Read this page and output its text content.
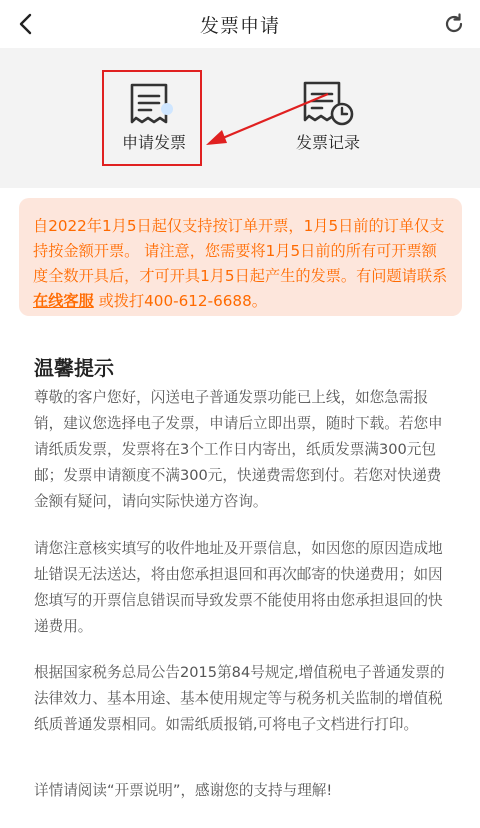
发票申请
申请发票	发票记录
自2022年1月5日起仅支持按订单开票，1月5日前的订单仅支持按金额开票。 请注意，您需要将1月5日前的所有可开票额度全数开具后，才可开具1月5日起产生的发票。有问题请联系 在线客服 或拨打400-612-6688。
温馨提示
尊敬的客户您好，闪送电子普通发票功能已上线，如您急需报销，建议您选择电子发票，申请后立即出票，随时下载。若您申请纸质发票，发票将在3个工作日内寄出，纸质发票满300元包邮；发票申请额度不满300元，快递费需您到付。若您对快递费金额有疑问，请向实际快递方咨询。
请您注意核实填写的收件地址及开票信息，如因您的原因造成地址错误无法送达，将由您承担退回和再次邮寄的快递费用；如因您填写的开票信息错误而导致发票不能使用将由您承担退回的快递费用。
根据国家税务总局公告2015第84号规定,增值税电子普通发票的法律效力、基本用途、基本使用规定等与税务机关监制的增值税纸质普通发票相同。如需纸质报销,可将电子文档进行打印。
详情请阅读“开票说明”，感谢您的支持与理解!
